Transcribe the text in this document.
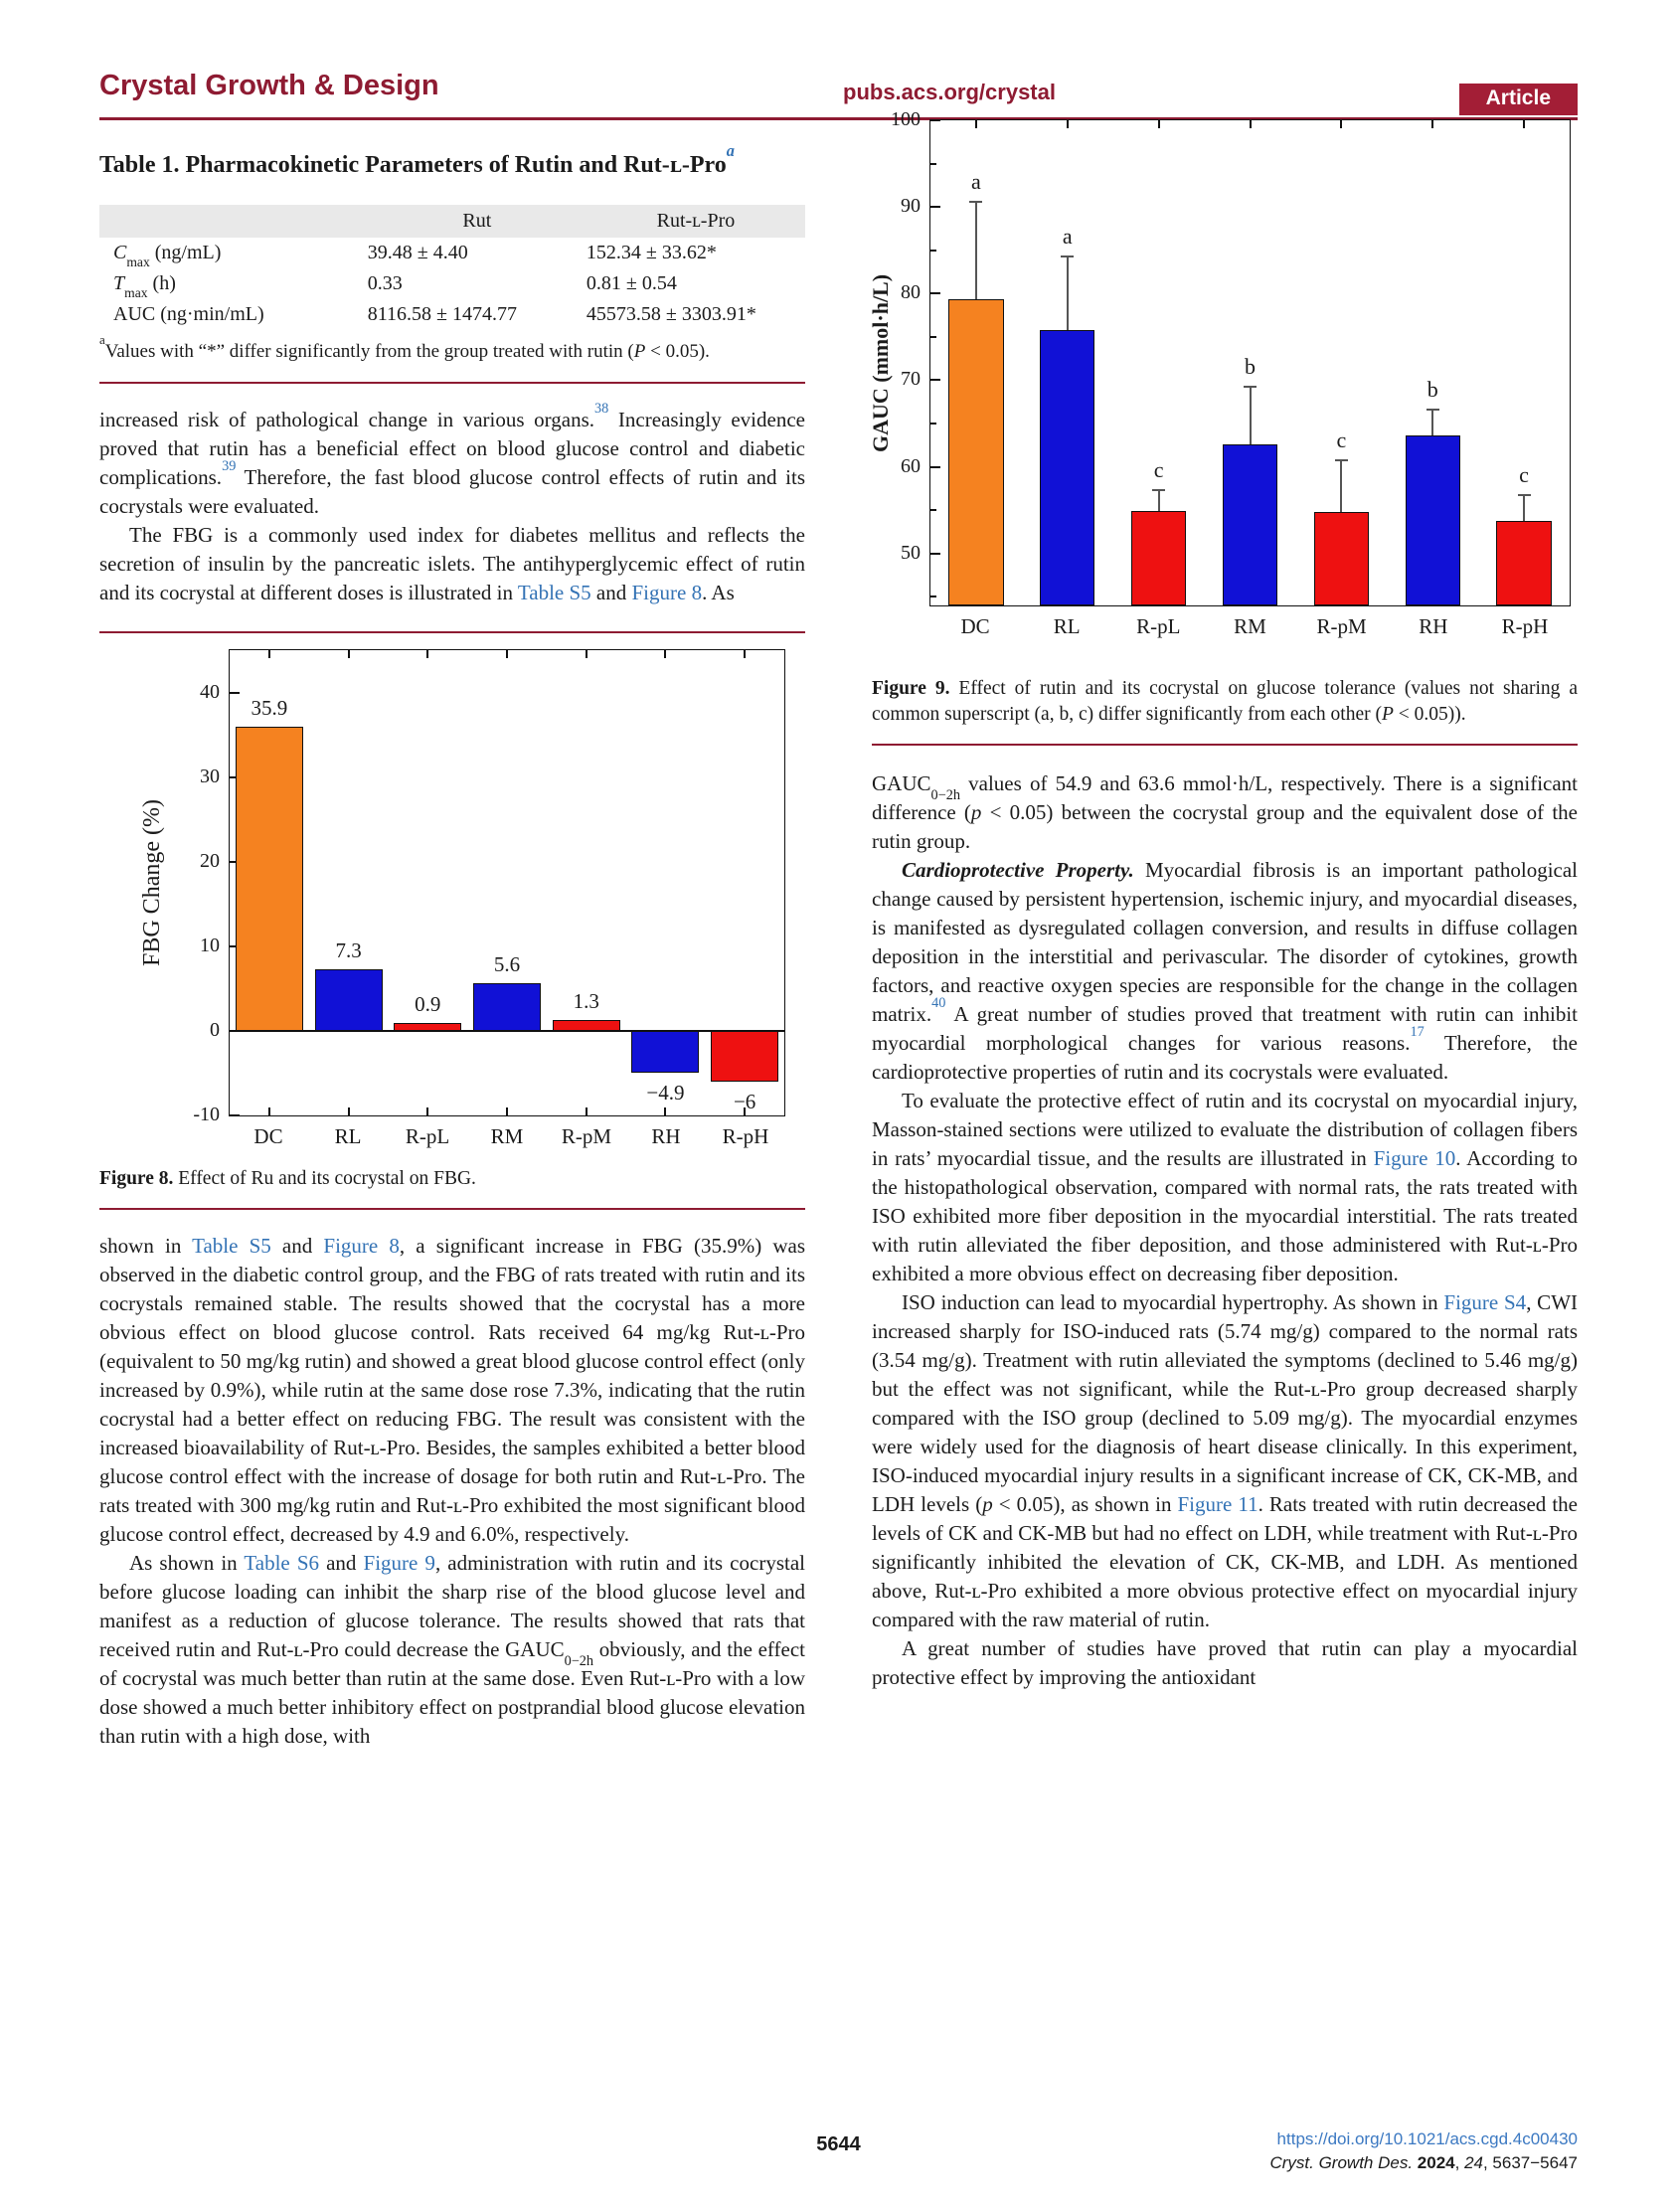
Crystal Growth & Design	pubs.acs.org/crystal	Article
Table 1. Pharmacokinetic Parameters of Rutin and Rut-ʟ-Pro$^a$
	Rut	Rut-ʟ-Pro
$C_{max}$ (ng/mL)	39.48 ± 4.40	152.34 ± 33.62*
$T_{max}$ (h)	0.33	0.81 ± 0.54
AUC (ng·min/mL)	8116.58 ± 1474.77	45573.58 ± 3303.91*
$^a$Values with “*” differ significantly from the group treated with rutin (P < 0.05).

increased risk of pathological change in various organs.$^{38}$ Increasingly evidence proved that rutin has a beneficial effect on blood glucose control and diabetic complications.$^{39}$ Therefore, the fast blood glucose control effects of rutin and its cocrystals were evaluated.

The FBG is a commonly used index for diabetes mellitus and reflects the secretion of insulin by the pancreatic islets. The antihyperglycemic effect of rutin and its cocrystal at different doses is illustrated in Table S5 and Figure 8. As

FBG Change (%)
-10
0
10
20
30
40
35.9
7.3
0.9
5.6
1.3
−4.9 −6
DC RL R-pL RM R-pM RH R-pH

Figure 8. Effect of Ru and its cocrystal on FBG.

shown in Table S5 and Figure 8, a significant increase in FBG (35.9%) was observed in the diabetic control group, and the FBG of rats treated with rutin and its cocrystals remained stable. The results showed that the cocrystal has a more obvious effect on blood glucose control. Rats received 64 mg/kg Rut-ʟ-Pro (equivalent to 50 mg/kg rutin) and showed a great blood glucose control effect (only increased by 0.9%), while rutin at the same dose rose 7.3%, indicating that the rutin cocrystal had a better effect on reducing FBG. The result was consistent with the increased bioavailability of Rut-ʟ-Pro. Besides, the samples exhibited a better blood glucose control effect with the increase of dosage for both rutin and Rut-ʟ-Pro. The rats treated with 300 mg/kg rutin and Rut-ʟ-Pro exhibited the most significant blood glucose control effect, decreased by 4.9 and 6.0%, respectively.

As shown in Table S6 and Figure 9, administration with rutin and its cocrystal before glucose loading can inhibit the sharp rise of the blood glucose level and manifest as a reduction of glucose tolerance. The results showed that rats that received rutin and Rut-ʟ-Pro could decrease the $GAUC_{0-2h}$ obviously, and the effect of cocrystal was much better than rutin at the same dose. Even Rut-ʟ-Pro with a low dose showed a much better inhibitory effect on postprandial blood glucose elevation than rutin with a high dose, with

GAUC (mmol·h/L)
50
60
70
80
90
100
a
a
c
b
c
b
c
DC	RL	R-pL	RM R-pM RH	R-pH

Figure 9. Effect of rutin and its cocrystal on glucose tolerance (values not sharing a common superscript (a, b, c) differ significantly from each other (P < 0.05)).

$GAUC_{0-2h}$ values of 54.9 and 63.6 mmol·h/L, respectively. There is a significant difference (p < 0.05) between the cocrystal group and the equivalent dose of the rutin group.

Cardioprotective Property. Myocardial fibrosis is an important pathological change caused by persistent hypertension, ischemic injury, and myocardial diseases, is manifested as dysregulated collagen conversion, and results in diffuse collagen deposition in the interstitial and perivascular. The disorder of cytokines, growth factors, and reactive oxygen species are responsible for the change in the collagen matrix.$^{40}$ A great number of studies proved that treatment with rutin can inhibit myocardial morphological changes for various reasons.$^{17}$ Therefore, the cardioprotective properties of rutin and its cocrystals were evaluated.

To evaluate the protective effect of rutin and its cocrystal on myocardial injury, Masson-stained sections were utilized to evaluate the distribution of collagen fibers in rats’ myocardial tissue, and the results are illustrated in Figure 10. According to the histopathological observation, compared with normal rats, the rats treated with ISO exhibited more fiber deposition in the myocardial interstitial. The rats treated with rutin alleviated the fiber deposition, and those administered with Rut-ʟ-Pro exhibited a more obvious effect on decreasing fiber deposition.

ISO induction can lead to myocardial hypertrophy. As shown in Figure S4, CWI increased sharply for ISO-induced rats (5.74 mg/g) compared to the normal rats (3.54 mg/g). Treatment with rutin alleviated the symptoms (declined to 5.46 mg/g) but the effect was not significant, while the Rut-ʟ-Pro group decreased sharply compared with the ISO group (declined to 5.09 mg/g). The myocardial enzymes were widely used for the diagnosis of heart disease clinically. In this experiment, ISO-induced myocardial injury results in a significant increase of CK, CK-MB, and LDH levels (p < 0.05), as shown in Figure 11. Rats treated with rutin decreased the levels of CK and CK-MB but had no effect on LDH, while treatment with Rut-ʟ-Pro significantly inhibited the elevation of CK, CK-MB, and LDH. As mentioned above, Rut-ʟ-Pro exhibited a more obvious protective effect on myocardial injury compared with the raw material of rutin.

A great number of studies have proved that rutin can play a myocardial protective effect by improving the antioxidant

5644	https://doi.org/10.1021/acs.cgd.4c00430
Cryst. Growth Des. 2024, 24, 5637−5647
